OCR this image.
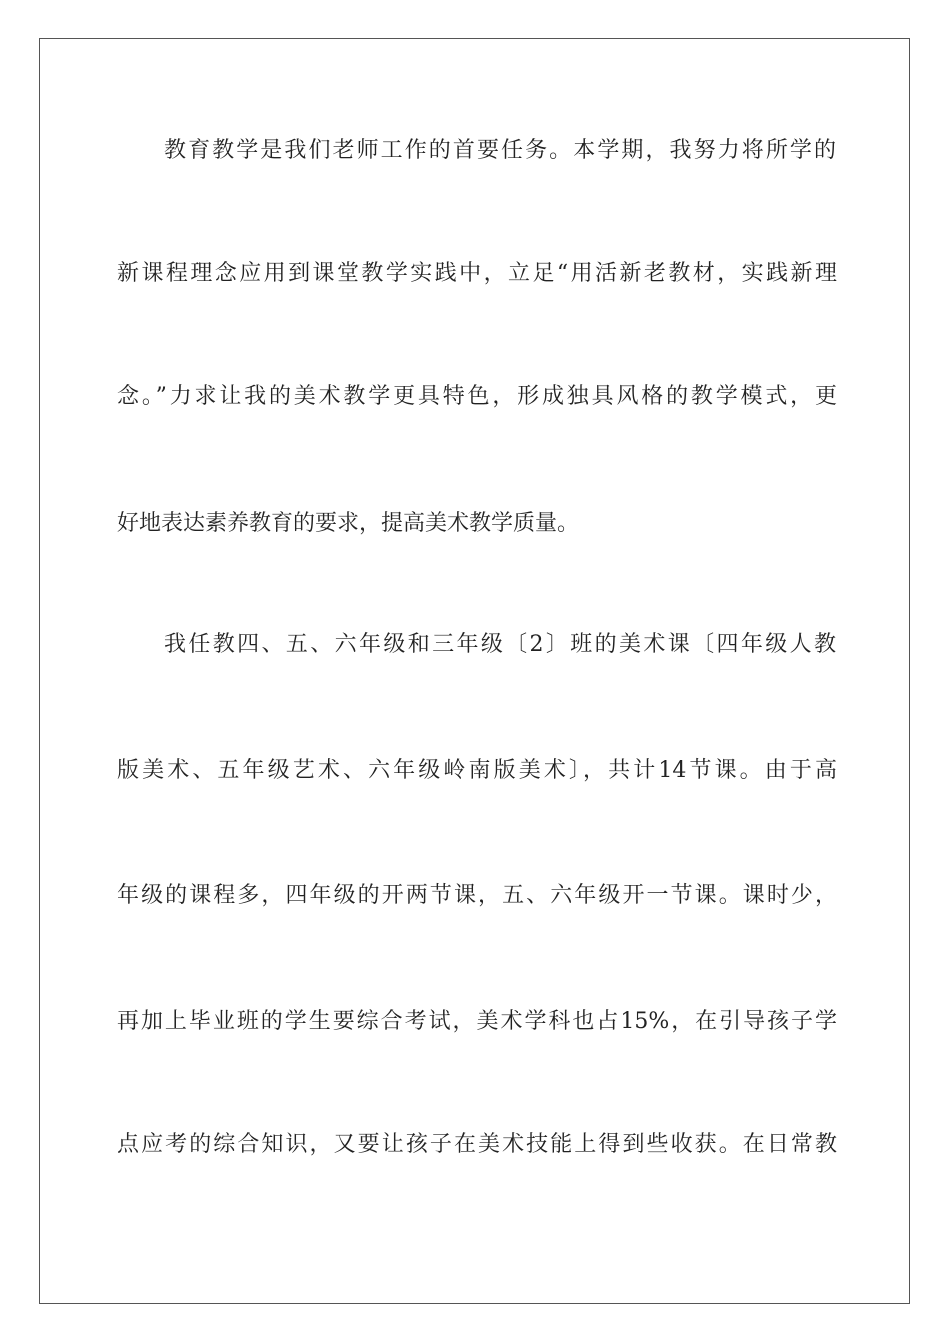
教育教学是我们老师工作的首要任务。本学期，我努力将所学的
新课程理念应用到课堂教学实践中，立足“用活新老教材，实践新理
念。”力求让我的美术教学更具特色，形成独具风格的教学模式，更
好地表达素养教育的要求，提高美术教学质量。
我任教四、五、六年级和三年级〔2〕班的美术课〔四年级人教
版美术、五年级艺术、六年级岭南版美术〕，共计14节课。由于高
年级的课程多，四年级的开两节课，五、六年级开一节课。课时少，
再加上毕业班的学生要综合考试，美术学科也占15%，在引导孩子学
点应考的综合知识，又要让孩子在美术技能上得到些收获。在日常教
